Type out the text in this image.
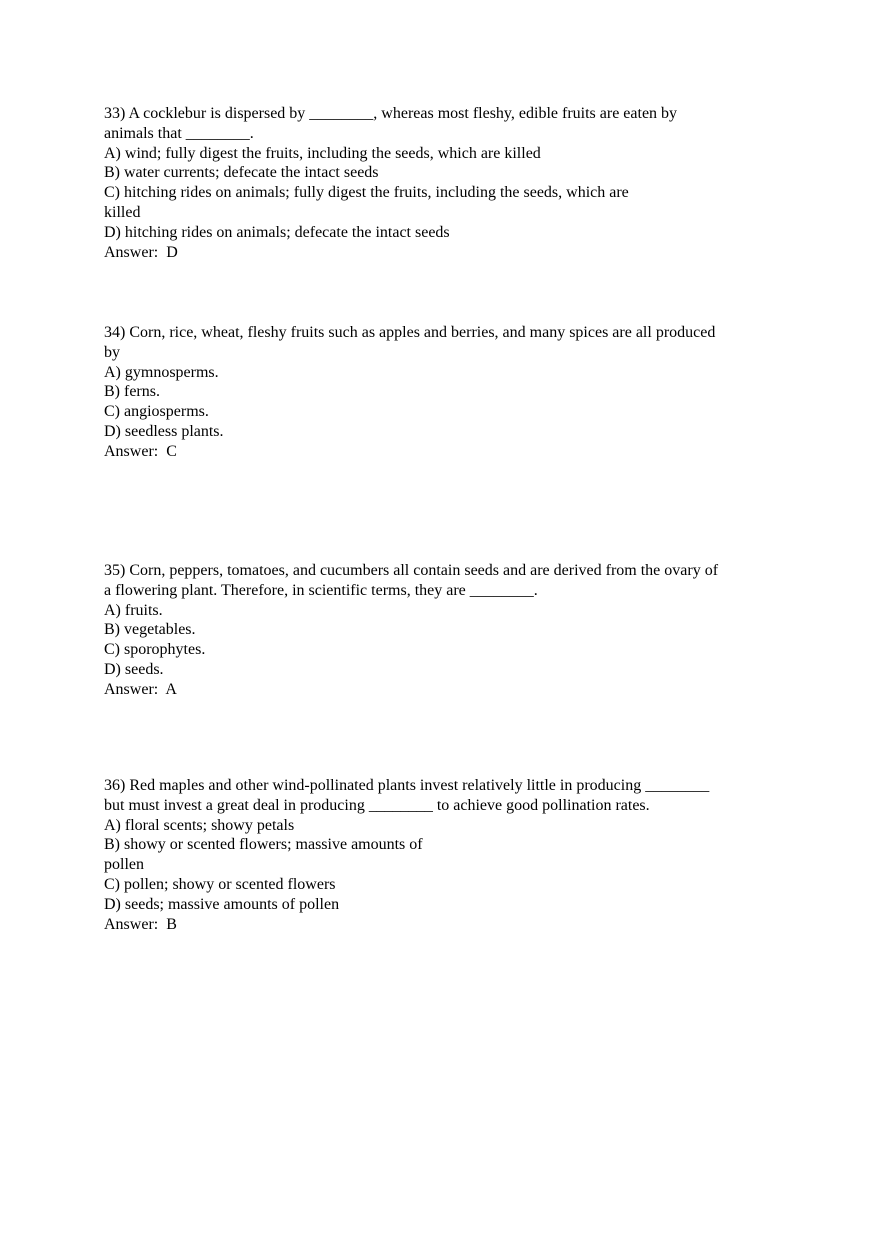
33) A cocklebur is dispersed by ________, whereas most fleshy, edible fruits are eaten by
animals that ________.
A) wind; fully digest the fruits, including the seeds, which are killed
B) water currents; defecate the intact seeds
C) hitching rides on animals; fully digest the fruits, including the seeds, which are
killed
D) hitching rides on animals; defecate the intact seeds
Answer:  D
34) Corn, rice, wheat, fleshy fruits such as apples and berries, and many spices are all produced
by
A) gymnosperms.
B) ferns.
C) angiosperms.
D) seedless plants.
Answer:  C
35) Corn, peppers, tomatoes, and cucumbers all contain seeds and are derived from the ovary of
a flowering plant. Therefore, in scientific terms, they are ________.
A) fruits.
B) vegetables.
C) sporophytes.
D) seeds.
Answer:  A
36) Red maples and other wind-pollinated plants invest relatively little in producing ________
but must invest a great deal in producing ________ to achieve good pollination rates.
A) floral scents; showy petals
B) showy or scented flowers; massive amounts of
pollen
C) pollen; showy or scented flowers
D) seeds; massive amounts of pollen
Answer:  B
